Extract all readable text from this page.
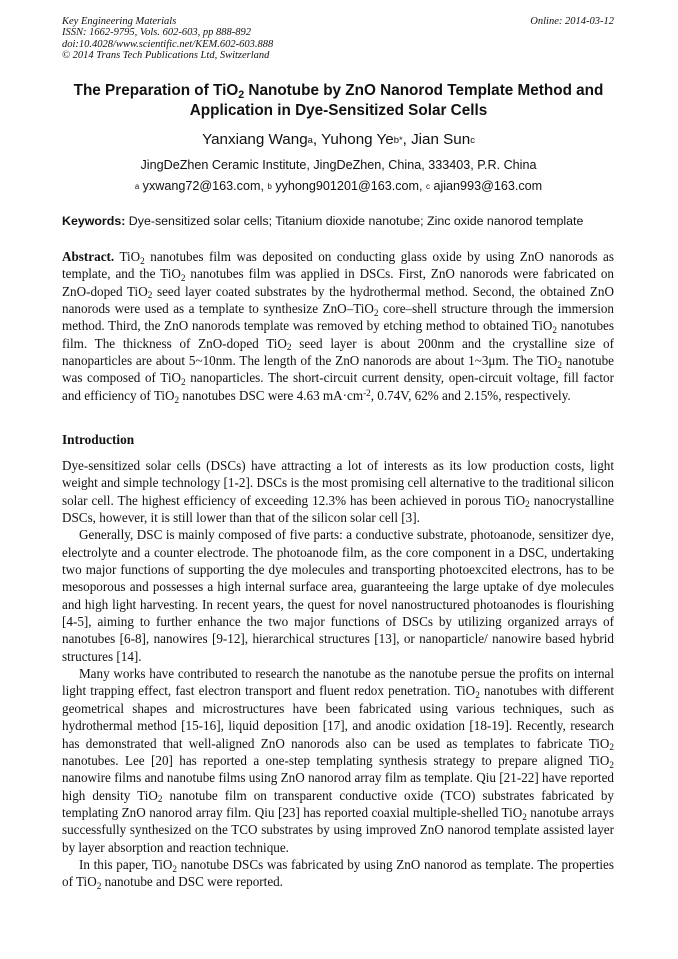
Key Engineering Materials
ISSN: 1662-9795, Vols. 602-603, pp 888-892
doi:10.4028/www.scientific.net/KEM.602-603.888
© 2014 Trans Tech Publications Ltd, Switzerland
Online: 2014-03-12
The Preparation of TiO$_2$ Nanotube by ZnO Nanorod Template Method and
Application in Dye-Sensitized Solar Cells
Yanxiang Wang$^a$, Yuhong $Ye^{b*}$, Jian Sun$^c$
JingDeZhen Ceramic Institute, JingDeZhen, China, 333403, P.R. China
$^a$ yxwang72@163.com, $^b$ yyhong901201@163.com, $^c$ ajian993@163.com
Keywords: Dye-sensitized solar cells; Titanium dioxide nanotube; Zinc oxide nanorod template
Abstract. TiO$_2$ nanotubes film was deposited on conducting glass oxide by using ZnO nanorods as template, and the TiO$_2$ nanotubes film was applied in DSCs. First, ZnO nanorods were fabricated on ZnO-doped TiO$_2$ seed layer coated substrates by the hydrothermal method. Second, the obtained ZnO nanorods were used as a template to synthesize ZnO–TiO$_2$ core–shell structure through the immersion method. Third, the ZnO nanorods template was removed by etching method to obtained TiO$_2$ nanotubes film. The thickness of ZnO-doped TiO$_2$ seed layer is about 200nm and the crystalline size of nanoparticles are about 5~10nm. The length of the ZnO nanorods are about 1~3μm. The TiO$_2$ nanotube was composed of TiO$_2$ nanoparticles. The short-circuit current density, open-circuit voltage, fill factor and efficiency of TiO$_2$ nanotubes DSC were 4.63 $mA\cdot cm^{-2}$, 0.74V, 62% and 2.15%, respectively.
Introduction

Dye-sensitized solar cells (DSCs) have attracting a lot of interests as its low production costs, light weight and simple technology [1-2]. DSCs is the most promising cell alternative to the traditional silicon solar cell. The highest efficiency of exceeding 12.3% has been achieved in porous TiO$_2$ nanocrystalline DSCs, however, it is still lower than that of the silicon solar cell [3].

Generally, DSC is mainly composed of five parts: a conductive substrate, photoanode, sensitizer dye, electrolyte and a counter electrode. The photoanode film, as the core component in a DSC, undertaking two major functions of supporting the dye molecules and transporting photoexcited electrons, has to be mesoporous and possesses a high internal surface area, guaranteeing the large uptake of dye molecules and high light harvesting. In recent years, the quest for novel nanostructured photoanodes is flourishing [4-5], aiming to further enhance the two major functions of DSCs by utilizing organized arrays of nanotubes [6-8], nanowires [9-12], hierarchical structures [13], or nanoparticle/ nanowire based hybrid structures [14].

Many works have contributed to research the nanotube as the nanotube persue the profits on internal light trapping effect, fast electron transport and fluent redox penetration. TiO$_2$ nanotubes with different geometrical shapes and microstructures have been fabricated using various techniques, such as hydrothermal method [15-16], liquid deposition [17], and anodic oxidation [18-19]. Recently, research has demonstrated that well-aligned ZnO nanorods also can be used as templates to fabricate TiO$_2$ nanotubes. Lee [20] has reported a one-step templating synthesis strategy to prepare aligned TiO$_2$ nanowire films and nanotube films using ZnO nanorod array film as template. Qiu [21-22] have reported high density TiO$_2$ nanotube film on transparent conductive oxide (TCO) substrates fabricated by templating ZnO nanorod array film. Qiu [23] has reported coaxial multiple-shelled TiO$_2$ nanotube arrays successfully synthesized on the TCO substrates by using improved ZnO nanorod template assisted layer by layer absorption and reaction technique.

In this paper, TiO$_2$ nanotube DSCs was fabricated by using ZnO nanorod as template. The properties of TiO$_2$ nanotube and DSC were reported.
